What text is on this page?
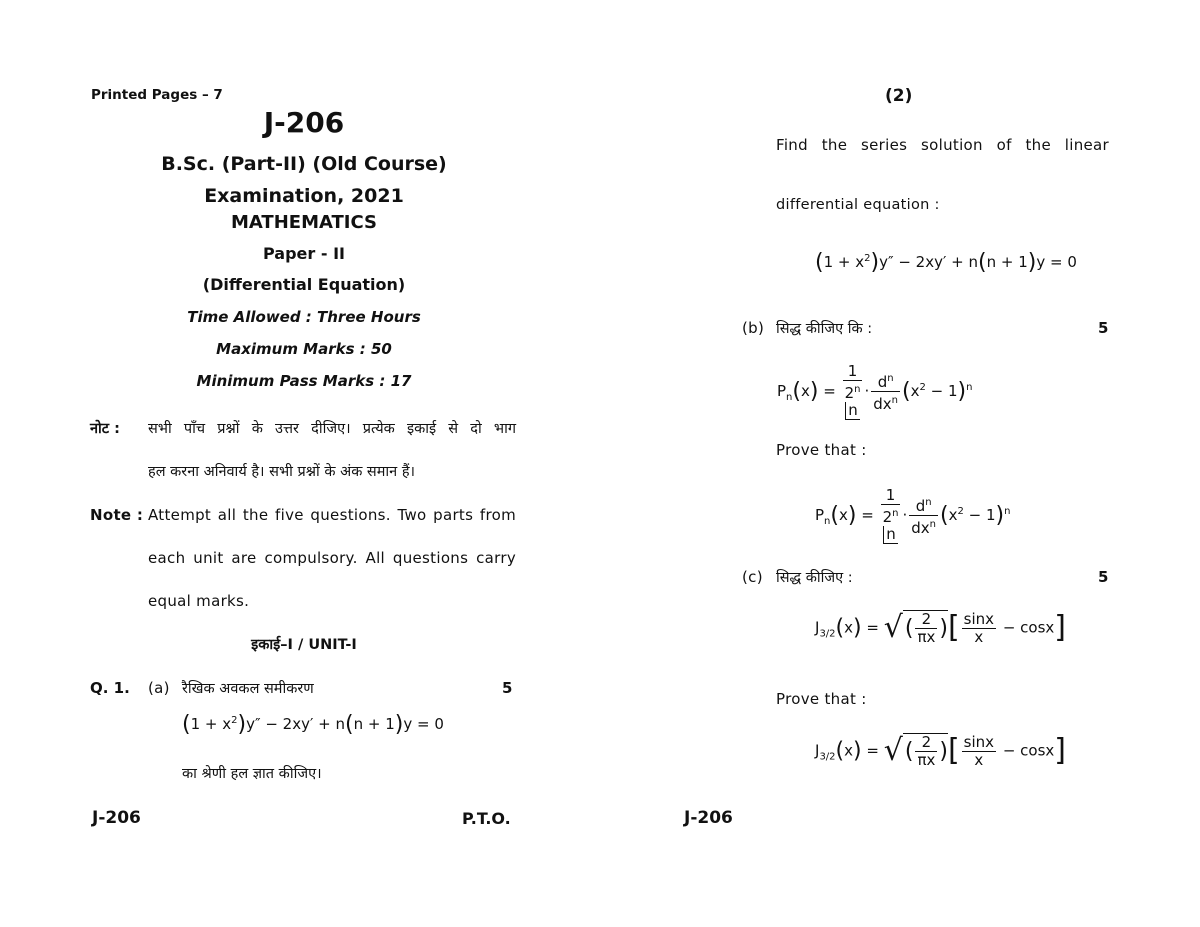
Printed Pages – 7
J-206
B.Sc. (Part-II) (Old Course)
Examination, 2021
MATHEMATICS
Paper - II
(Differential Equation)
Time Allowed : Three Hours
Maximum Marks : 50
Minimum Pass Marks : 17
नोट : सभी पाँच प्रश्नों के उत्तर दीजिए। प्रत्येक इकाई से दो भाग
हल करना अनिवार्य है। सभी प्रश्नों के अंक समान हैं।
Note : Attempt all the five questions. Two parts from
each unit are compulsory. All questions carry
equal marks.
इकाई–I / UNIT-I
Q. 1. (a) रैखिक अवकल समीकरण	5
$(1 + x^2)y'' - 2xy' + n(n + 1)y = 0$
का श्रेणी हल ज्ञात कीजिए।
J-206	P.T.O.
(2)
Find the series solution of the linear
differential equation :
$(1 + x^2)y'' - 2xy' + n(n + 1)y = 0$
(b) सिद्ध कीजिए कि :	5
$P_n(x) = 1$
2$^n$
$n \cdot \frac{d^n}{dx^n} (x^2 - 1)^n$
Prove that :
$P_n(x) = 1$
2$^n$
$n \cdot \frac{d^n}{dx^n} (x^2 - 1)^n$
(c) सिद्ध कीजिए :	5
$J_{3/2}(x)$ = √( $\frac{2}{\pi x}$ )[ $\frac{\sin x}{x} - \cos x$]
Prove that :
$J_{3/2}(x)$ = √( $\frac{2}{\pi x}$ )[ $\frac{\sin x}{x} - \cos x$]
J-206
